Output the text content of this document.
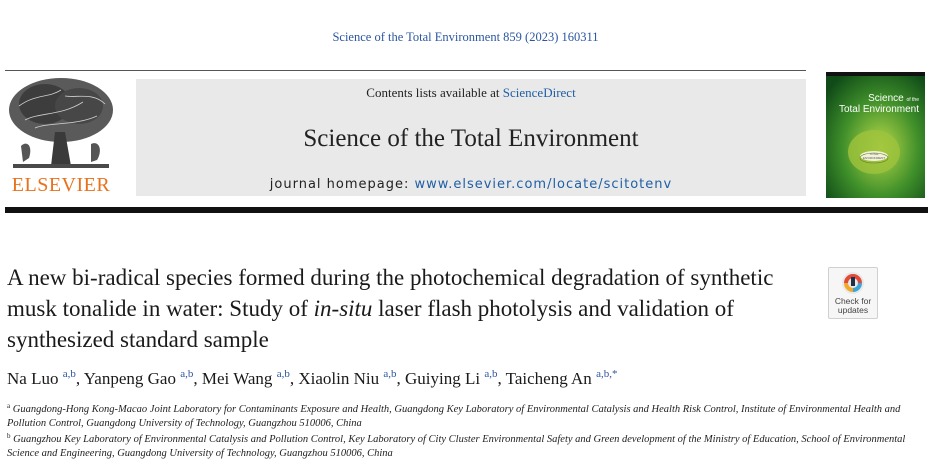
Science of the Total Environment 859 (2023) 160311
ELSEVIER
Contents lists available at ScienceDirect
Science of the Total Environment
journal homepage: www.elsevier.com/locate/scitotenv
Science of the
Total Environment
TOTAL ENVIRONMENT
A new bi-radical species formed during the photochemical degradation of synthetic musk tonalide in water: Study of in-situ laser flash photolysis and validation of synthesized standard sample
Check for
updates
Na Luo $^{a,b}$, Yanpeng Gao $^{a,b}$, Mei Wang $^{a,b}$, Xiaolin Niu $^{a,b}$, Guiying Li $^{a,b}$, Taicheng An $^{a,b,*}$
$^a$ Guangdong-Hong Kong-Macao Joint Laboratory for Contaminants Exposure and Health, Guangdong Key Laboratory of Environmental Catalysis and Health Risk Control, Institute of Environmental Health and Pollution Control, Guangdong University of Technology, Guangzhou 510006, China
$^b$ Guangzhou Key Laboratory of Environmental Catalysis and Pollution Control, Key Laboratory of City Cluster Environmental Safety and Green development of the Ministry of Education, School of Environmental Science and Engineering, Guangdong University of Technology, Guangzhou 510006, China
